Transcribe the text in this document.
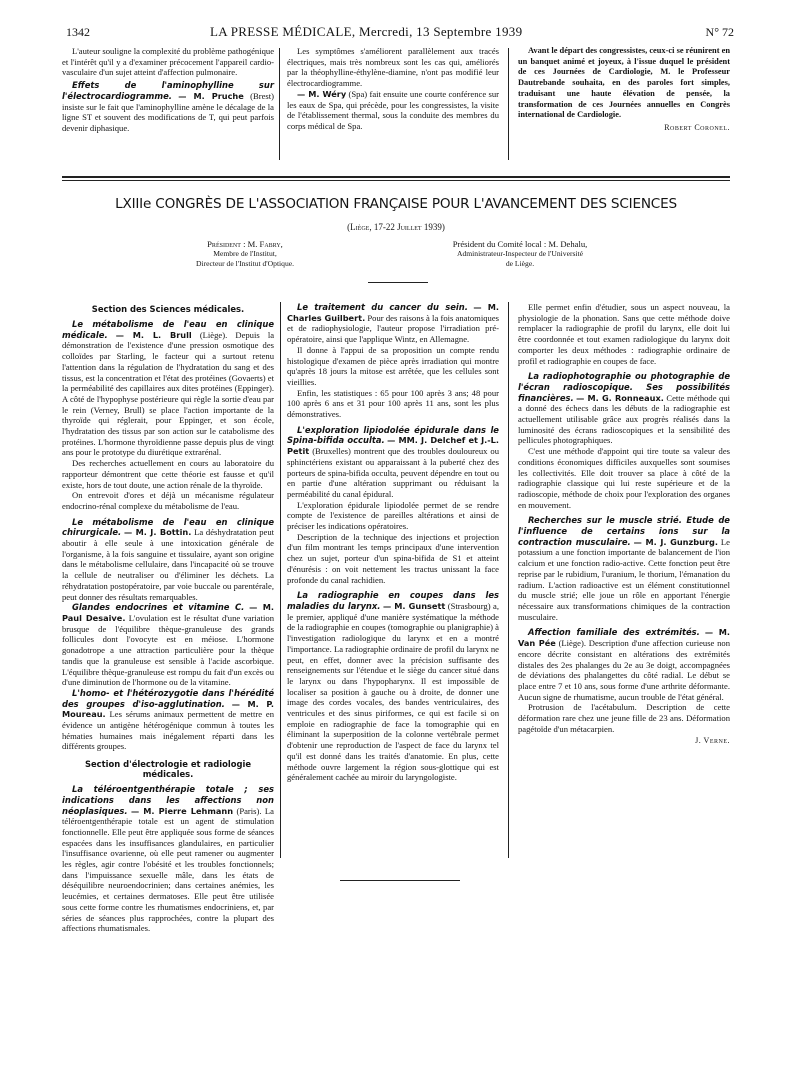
1342	LA PRESSE MÉDICALE, Mercredi, 13 Septembre 1939	N° 72

L'auteur souligne la complexité du problème pathogénique et l'intérêt qu'il y a d'examiner précocement l'appareil cardio-vasculaire d'un sujet atteint d'affection pulmonaire.

Effets de l'aminophylline sur l'électrocardiogramme. — M. Pruche (Brest) insiste sur le fait que l'aminophylline amène le décalage de la ligne ST et souvent des modifications de T, qui peut parfois devenir diphasique.

Les symptômes s'améliorent parallèlement aux tracés électriques, mais très nombreux sont les cas qui, améliorés par la théophylline-éthylène-diamine, n'ont pas modifié leur électrocardiogramme.

— M. Wéry (Spa) fait ensuite une courte conférence sur les eaux de Spa, qui précède, pour les congressistes, la visite de l'établissement thermal, sous la conduite des membres du corps médical de Spa.

Avant le départ des congressistes, ceux-ci se réunirent en un banquet animé et joyeux, à l'issue duquel le président de ces Journées de Cardiologie, M. le Professeur Dautrebande souhaita, en des paroles fort simples, traduisant une haute élévation de pensée, la transformation de ces Journées annuelles en Congrès international de Cardiologie.

Robert Coronel.
LXIIIe CONGRÈS DE L'ASSOCIATION FRANÇAISE POUR L'AVANCEMENT DES SCIENCES
(Liège, 17-22 Juillet 1939)
Président : M. Fabry,
Membre de l'Institut,
Directeur de l'Institut d'Optique.
Président du Comité local : M. Dehalu,
Administrateur-Inspecteur de l'Université
de Liège.
Section des Sciences médicales.

Le métabolisme de l'eau en clinique médicale. — M. L. Brull (Liège). Depuis la démonstration de l'existence d'une pression osmotique des colloïdes par Starling, le facteur qui a surtout retenu l'attention dans la régulation de l'hydratation du sang et des tissus, est la concentration et l'état des protéines (Govaerts) et la perméabilité des capillaires aux dites protéines (Eppinger). A côté de l'hypophyse postérieure qui règle la sortie d'eau par le rein (Verney, Brull) se place l'action importante de la thyroïde qui réglerait, pour Eppinger, et son école, l'hydratation des tissus par son action sur le catabolisme des protéines. L'hormone thyroïdienne passe depuis plus de vingt ans pour le prototype du diurétique extrarénal.

Des recherches actuellement en cours au laboratoire du rapporteur démontrent que cette théorie est fausse et qu'il existe, hors de tout doute, une action rénale de la thyroïde.

On entrevoit d'ores et déjà un mécanisme régulateur endocrino-rénal complexe du métabolisme de l'eau.

Le métabolisme de l'eau en clinique chirurgicale. — M. J. Bottin. La déshydratation peut aboutir à elle seule à une intoxication générale de l'organisme, à la fois sanguine et tissulaire, ayant son origine dans le métabolisme cellulaire, dans l'incapacité où se trouve la cellule de neutraliser ou d'éliminer les déchets. La réhydratation postopératoire, par voie buccale ou parentérale, peut donner des résultats remarquables.

Glandes endocrines et vitamine C. — M. Paul Desaive. L'ovulation est le résultat d'une variation brusque de l'équilibre thèque-granuleuse des grands follicules dont l'ovocyte est en méiose. L'hormone gonadotrope a une attraction particulière pour la thèque tandis que la granuleuse est sensible à l'acide ascorbique. L'équilibre thèque-granuleuse est rompu du fait d'un excès ou d'une diminution de l'hormone ou de la vitamine.

L'homo- et l'hétérozygotie dans l'hérédité des groupes d'iso-agglutination. — M. P. Moureau. Les sérums animaux permettent de mettre en évidence un antigène hétérogénique commun à toutes les hématies humaines mais inégalement réparti dans les différents groupes.

Section d'électrologie et radiologie médicales.

La téléroentgenthérapie totale ; ses indications dans les affections non néoplasiques. — M. Pierre Lehmann (Paris). La téléroentgenthérapie totale est un agent de stimulation fonctionnelle. Elle peut être appliquée sous forme de séances espacées dans les insuffisances glandulaires, en particulier l'insuffisance ovarienne, où elle peut ramener ou augmenter les règles, agir contre l'obésité et les troubles fonctionnels; dans l'impuissance sexuelle mâle, dans les états de déséquilibre neuroendocrinien; dans certaines anémies, les leucémies, et certaines dermatoses. Elle peut être utilisée sous cette forme contre les rhumatismes endocriniens, et, par séries de séances plus rapprochées, contre la plupart des affections rhumatismales.

Le traitement du cancer du sein. — M. Charles Guilbert. Pour des raisons à la fois anatomiques et de radiophysiologie, l'auteur propose l'irradiation pré-opératoire, ainsi que l'applique Wintz, en Allemagne.

Il donne à l'appui de sa proposition un compte rendu histologique d'examen de pièce après irradiation qui montre qu'après 18 jours la mitose est arrêtée, que les cellules sont vieillies.

Enfin, les statistiques : 65 pour 100 après 3 ans; 48 pour 100 après 6 ans et 31 pour 100 après 11 ans, sont les plus démonstratives.

L'exploration lipiodolée épidurale dans le Spina-bifida occulta. — MM. J. Delchef et J.-L. Petit (Bruxelles) montrent que des troubles douloureux ou sphinctériens existant ou apparaissant à la puberté chez des porteurs de spina-bifida occulta, peuvent dépendre en tout ou en partie d'une altération supprimant ou réduisant la perméabilité du canal épidural.

L'exploration épidurale lipiodolée permet de se rendre compte de l'existence de pareilles altérations et ainsi de préciser les indications opératoires.

Description de la technique des injections et projection d'un film montrant les temps principaux d'une intervention chez un sujet, porteur d'un spina-bifida de S1 et atteint d'énurésis : on voit nettement les tractus unissant la face profonde du canal rachidien.

La radiographie en coupes dans les maladies du larynx. — M. Gunsett (Strasbourg) a, le premier, appliqué d'une manière systématique la méthode de la radiographie en coupes (tomographie ou planigraphie) à l'investigation radiologique du larynx et en a montré l'importance. La radiographie ordinaire de profil du larynx ne peut, en effet, donner avec la précision suffisante des renseignements sur l'étendue et le siège du cancer situé dans le larynx ou dans l'hypopharynx. Il est impossible de localiser sa position à gauche ou à droite, de donner une image des cordes vocales, des bandes ventriculaires, des ventricules et des sinus piriformes, ce qui est facile si on emploie en radiographie de face la tomographie qui en éliminant la superposition de la colonne vertébrale permet d'obtenir une reproduction de l'aspect de face du larynx tel qu'il est donné dans les traités d'anatomie. En plus, cette méthode ouvre largement la région sous-glottique qui est généralement cachée au miroir du laryngologiste.

Elle permet enfin d'étudier, sous un aspect nouveau, la physiologie de la phonation. Sans que cette méthode doive remplacer la radiographie de profil du larynx, elle doit lui être coordonnée et tout examen radiologique du larynx doit comporter les deux méthodes : radiographie ordinaire de profil et radiographie en coupes de face.

La radiophotographie ou photographie de l'écran radioscopique. Ses possibilités financières. — M. G. Ronneaux. Cette méthode qui a donné des échecs dans les débuts de la radiographie est actuellement utilisable grâce aux progrès réalisés dans la luminosité des écrans radioscopiques et la sensibilité des pellicules photographiques.

C'est une méthode d'appoint qui tire toute sa valeur des conditions économiques difficiles auxquelles sont soumises les collectivités. Elle doit trouver sa place à côté de la radiographie classique qui lui reste supérieure et de la radioscopie, méthode de choix pour l'exploration des organes en mouvement.

Recherches sur le muscle strié. Etude de l'influence de certains ions sur la contraction musculaire. — M. J. Gunzburg. Le potassium a une fonction importante de balancement de l'ion calcium et une fonction radio-active. Cette fonction peut être reprise par le rubidium, l'uranium, le thorium, l'émanation du radium. L'action radioactive est un élément constitutionnel du muscle strié; elle joue un rôle en apportant l'énergie nécessaire aux transformations chimiques de la contraction musculaire.

Affection familiale des extrémités. — M. Van Pée (Liège). Description d'une affection curieuse non encore décrite consistant en altérations des extrémités distales des 2es phalanges du 2e au 3e doigt, accompagnées de déviations des phalangettes du côté radial. Le début se place entre 7 et 10 ans, sous forme d'une arthrite déformante. Aucun signe de rhumatisme, aucun trouble de l'état général.

Protrusion de l'acétabulum. Description de cette déformation rare chez une jeune fille de 23 ans. Déformation pagétoïde d'un métacarpien.

J. Verne.
